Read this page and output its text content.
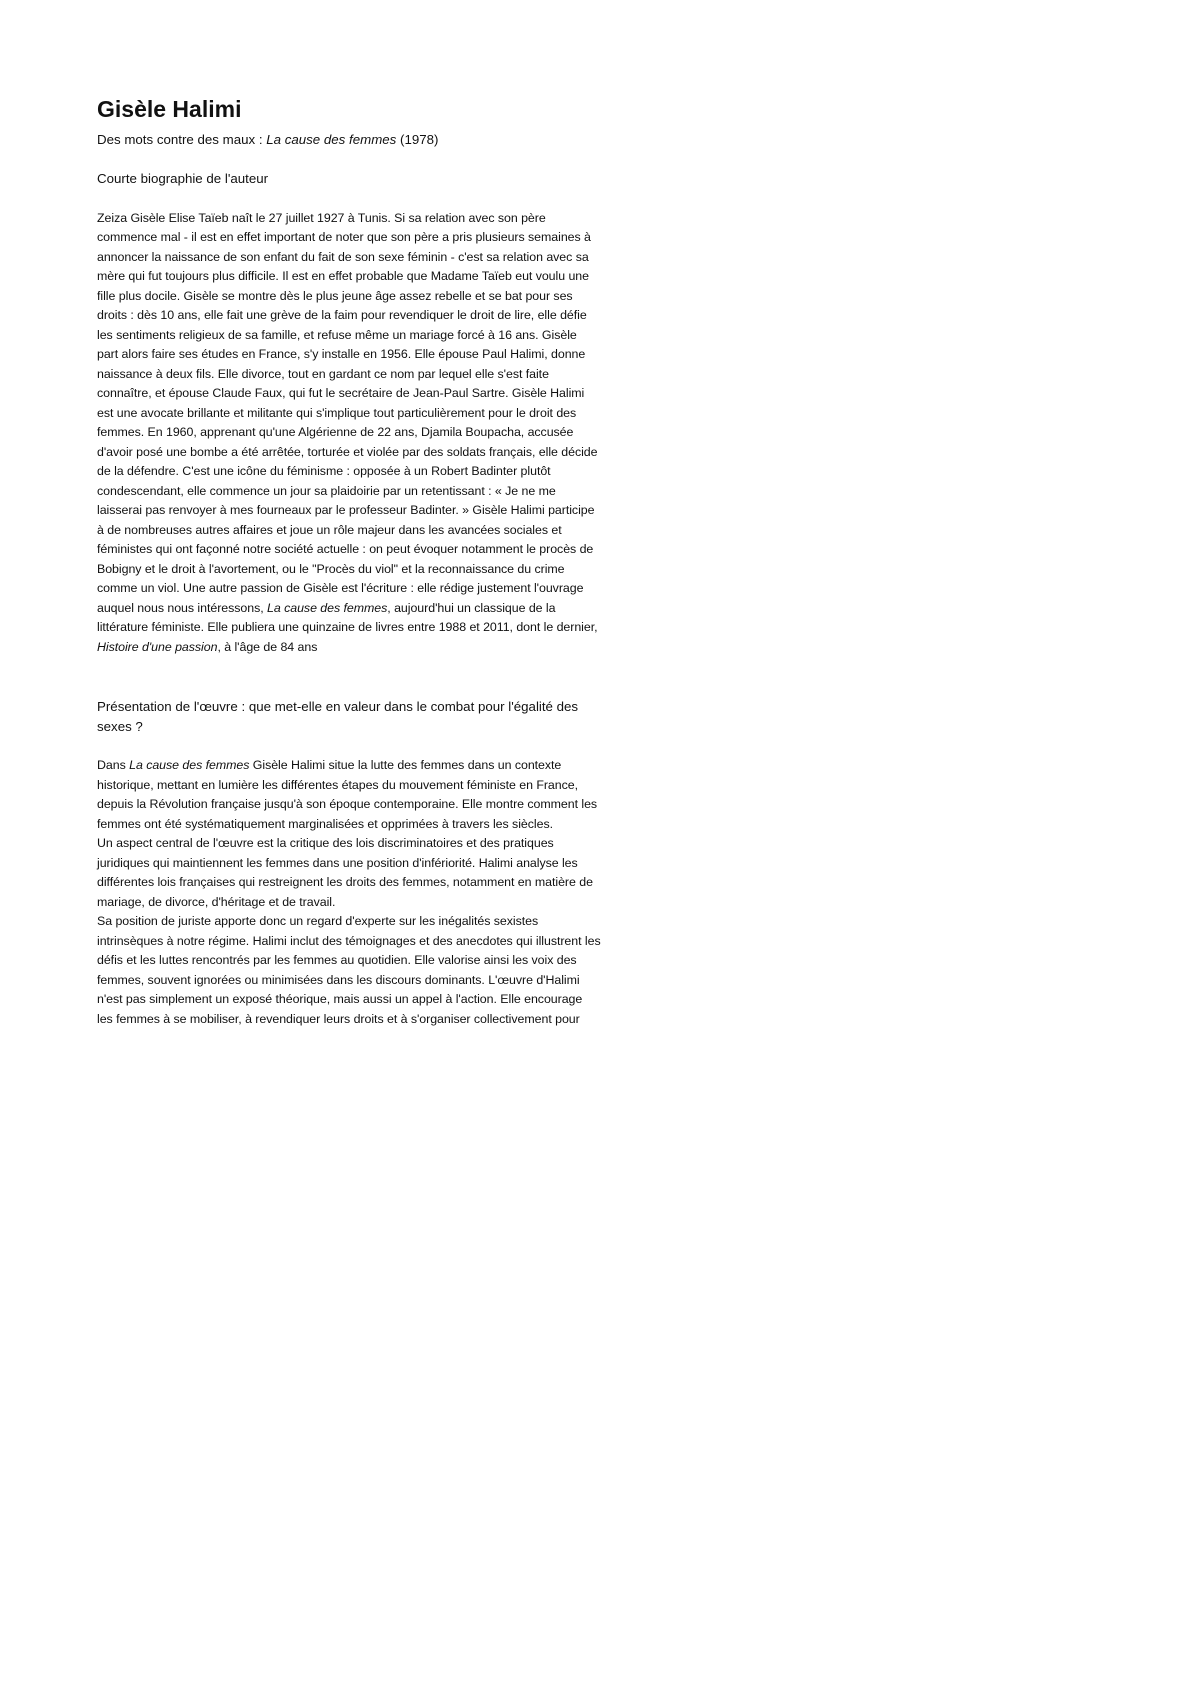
Gisèle Halimi

Des mots contre des maux : La cause des femmes (1978)

Courte biographie de l'auteur

Zeiza Gisèle Elise Taïeb naît le 27 juillet 1927 à Tunis. Si sa relation avec son père
commence mal - il est en effet important de noter que son père a pris plusieurs semaines à
annoncer la naissance de son enfant du fait de son sexe féminin - c'est sa relation avec sa
mère qui fut toujours plus difficile. Il est en effet probable que Madame Taïeb eut voulu une
fille plus docile. Gisèle se montre dès le plus jeune âge assez rebelle et se bat pour ses
droits : dès 10 ans, elle fait une grève de la faim pour revendiquer le droit de lire, elle défie
les sentiments religieux de sa famille, et refuse même un mariage forcé à 16 ans. Gisèle
part alors faire ses études en France, s'y installe en 1956. Elle épouse Paul Halimi, donne
naissance à deux fils. Elle divorce, tout en gardant ce nom par lequel elle s'est faite
connaître, et épouse Claude Faux, qui fut le secrétaire de Jean-Paul Sartre. Gisèle Halimi
est une avocate brillante et militante qui s'implique tout particulièrement pour le droit des
femmes. En 1960, apprenant qu'une Algérienne de 22 ans, Djamila Boupacha, accusée
d'avoir posé une bombe a été arrêtée, torturée et violée par des soldats français, elle décide
de la défendre. C'est une icône du féminisme : opposée à un Robert Badinter plutôt
condescendant, elle commence un jour sa plaidoirie par un retentissant : « Je ne me
laisserai pas renvoyer à mes fourneaux par le professeur Badinter. » Gisèle Halimi participe
à de nombreuses autres affaires et joue un rôle majeur dans les avancées sociales et
féministes qui ont façonné notre société actuelle : on peut évoquer notamment le procès de
Bobigny et le droit à l'avortement, ou le "Procès du viol" et la reconnaissance du crime
comme un viol. Une autre passion de Gisèle est l'écriture : elle rédige justement l'ouvrage
auquel nous nous intéressons, La cause des femmes, aujourd'hui un classique de la
littérature féministe. Elle publiera une quinzaine de livres entre 1988 et 2011, dont le dernier,
Histoire d'une passion, à l'âge de 84 ans
Présentation de l'œuvre : que met-elle en valeur dans le combat pour l'égalité des
sexes ?
Dans La cause des femmes Gisèle Halimi situe la lutte des femmes dans un contexte
historique, mettant en lumière les différentes étapes du mouvement féministe en France,
depuis la Révolution française jusqu'à son époque contemporaine. Elle montre comment les
femmes ont été systématiquement marginalisées et opprimées à travers les siècles.
Un aspect central de l'œuvre est la critique des lois discriminatoires et des pratiques
juridiques qui maintiennent les femmes dans une position d'infériorité. Halimi analyse les
différentes lois françaises qui restreignent les droits des femmes, notamment en matière de
mariage, de divorce, d'héritage et de travail.
Sa position de juriste apporte donc un regard d'experte sur les inégalités sexistes
intrinsèques à notre régime. Halimi inclut des témoignages et des anecdotes qui illustrent les
défis et les luttes rencontrés par les femmes au quotidien. Elle valorise ainsi les voix des
femmes, souvent ignorées ou minimisées dans les discours dominants. L'œuvre d'Halimi
n'est pas simplement un exposé théorique, mais aussi un appel à l'action. Elle encourage
les femmes à se mobiliser, à revendiquer leurs droits et à s'organiser collectivement pour
